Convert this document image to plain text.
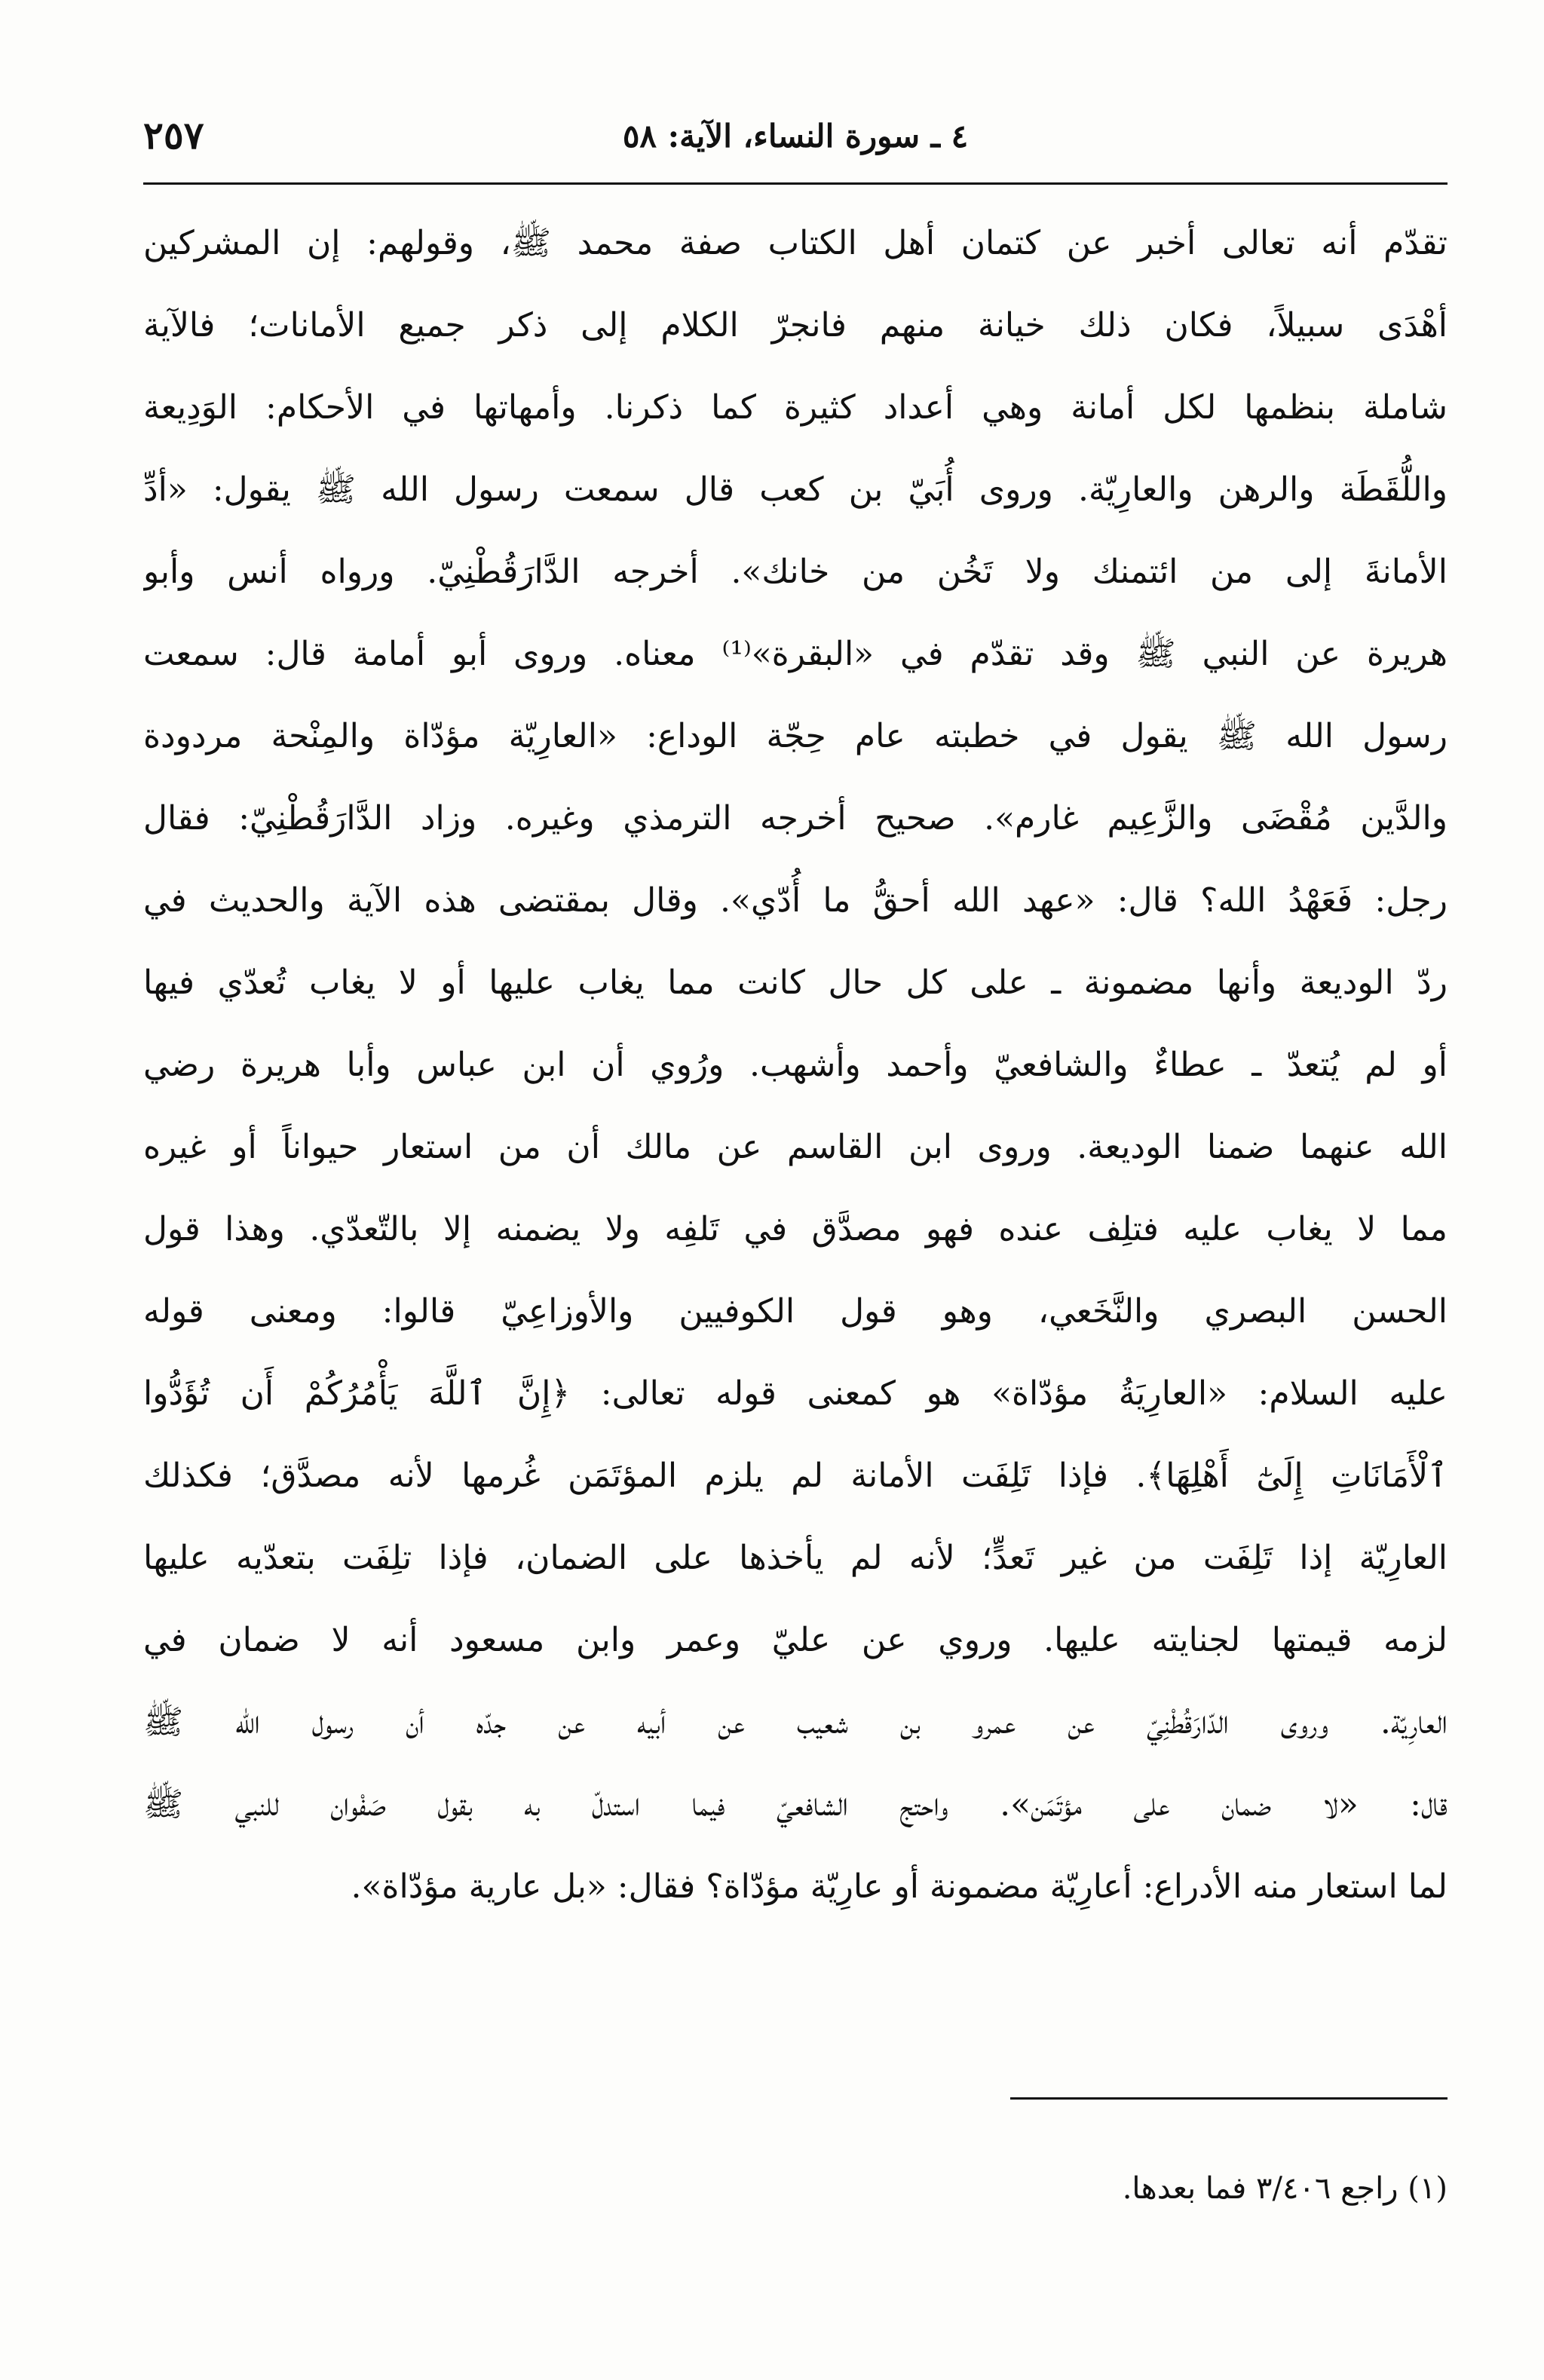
٢٥٧	٤ ـ سورة النساء، الآية: ٥٨
تقدّم أنه تعالى أخبر عن كتمان أهل الكتاب صفة محمد ﷺ، وقولهم: إن المشركين
أهْدَى سبيلاً، فكان ذلك خيانة منهم فانجرّ الكلام إلى ذكر جميع الأمانات؛ فالآية
شاملة بنظمها لكل أمانة وهي أعداد كثيرة كما ذكرنا. وأمهاتها في الأحكام: الوَدِيعة
واللُّقَطَة والرهن والعارِيّة. وروى أُبَيّ بن كعب قال سمعت رسول الله ﷺ يقول: «أدِّ
الأمانةَ إلى من ائتمنك ولا تَخُن من خانك». أخرجه الدَّارَقُطْنِيّ. ورواه أنس وأبو
هريرة عن النبي ﷺ وقد تقدّم في «البقرة»⁽¹⁾ معناه. وروى أبو أمامة قال: سمعت
رسول الله ﷺ يقول في خطبته عام حِجّة الوداع: «العارِيّة مؤدّاة والمِنْحة مردودة
والدَّين مُقْضَى والزَّعِيم غارم». صحيح أخرجه الترمذي وغيره. وزاد الدَّارَقُطْنِيّ: فقال
رجل: فَعَهْدُ الله؟ قال: «عهد الله أحقُّ ما أُدّي». وقال بمقتضى هذه الآية والحديث في
ردّ الوديعة وأنها مضمونة ـ على كل حال كانت مما يغاب عليها أو لا يغاب تُعدّي فيها
أو لم يُتعدّ ـ عطاءٌ والشافعيّ وأحمد وأشهب. ورُوي أن ابن عباس وأبا هريرة رضي
الله عنهما ضمنا الوديعة. وروى ابن القاسم عن مالك أن من استعار حيواناً أو غيره
مما لا يغاب عليه فتلِف عنده فهو مصدَّق في تَلفِه ولا يضمنه إلا بالتّعدّي. وهذا قول
الحسن البصري والنَّخَعي، وهو قول الكوفيين والأوزاعِيّ قالوا: ومعنى قوله
عليه السلام: «العارِيَةُ مؤدّاة» هو كمعنى قوله تعالى: ﴿إِنَّ ٱللَّهَ يَأْمُرُكُمْ أَن تُؤَدُّوا
ٱلْأَمَانَاتِ إِلَىٰٓ أَهْلِهَا﴾. فإذا تَلِفَت الأمانة لم يلزم المؤتَمَن غُرمها لأنه مصدَّق؛ فكذلك
العارِيّة إذا تَلِفَت من غير تَعدٍّ؛ لأنه لم يأخذها على الضمان، فإذا تلِفَت بتعدّيه عليها
لزمه قيمتها لجنايته عليها. وروي عن عليّ وعمر وابن مسعود أنه لا ضمان في
العارِيّة. وروى الدّارَقُطْنِيّ عن عمرو بن شعيب عن أبيه عن جدّه أن رسول الله ﷺ
قال: «لا ضمان على مؤتَمَن». واحتج الشافعيّ فيما استدلّ به بقول صَفْوان للنبي ﷺ
لما استعار منه الأدراع: أعارِيّة مضمونة أو عارِيّة مؤدّاة؟ فقال: «بل عارية مؤدّاة».
(١) راجع ٣/٤٠٦ فما بعدها.
